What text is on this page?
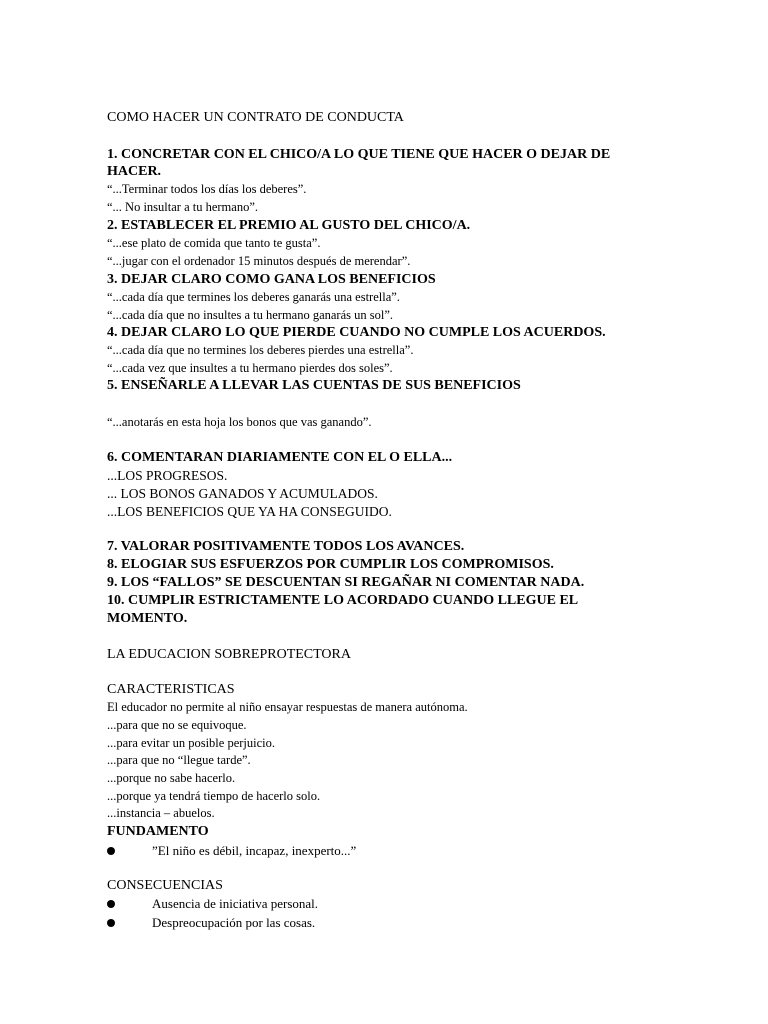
COMO HACER UN CONTRATO DE CONDUCTA
1. CONCRETAR CON EL CHICO/A LO QUE TIENE QUE HACER O DEJAR DE
HACER.
“...Terminar todos los días los deberes”.
“... No insultar a tu hermano”.
2. ESTABLECER EL PREMIO AL GUSTO DEL CHICO/A.
“...ese plato de comida que tanto te gusta”.
“...jugar con el ordenador 15 minutos después de merendar”.
3. DEJAR CLARO COMO GANA LOS BENEFICIOS
“...cada día que termines los deberes ganarás una estrella”.
“...cada día que no insultes a tu hermano ganarás un sol”.
4. DEJAR CLARO LO QUE PIERDE CUANDO NO CUMPLE LOS ACUERDOS.
“...cada día que no termines los deberes pierdes una estrella”.
“...cada vez que insultes a tu hermano pierdes dos soles”.
5. ENSEÑARLE A LLEVAR LAS CUENTAS DE SUS BENEFICIOS
“...anotarás en esta hoja los bonos que vas ganando”.
6. COMENTARAN DIARIAMENTE CON EL O ELLA...
...LOS PROGRESOS.
... LOS BONOS GANADOS Y ACUMULADOS.
...LOS BENEFICIOS QUE YA HA CONSEGUIDO.
7. VALORAR POSITIVAMENTE TODOS LOS AVANCES.
8. ELOGIAR SUS ESFUERZOS POR CUMPLIR LOS COMPROMISOS.
9. LOS “FALLOS” SE DESCUENTAN SI REGAÑAR NI COMENTAR NADA.
10. CUMPLIR ESTRICTAMENTE LO ACORDADO CUANDO LLEGUE EL
MOMENTO.
LA EDUCACION SOBREPROTECTORA
CARACTERISTICAS
El educador no permite al niño ensayar respuestas de manera autónoma.
...para que no se equivoque.
...para evitar un posible perjuicio.
...para que no “llegue tarde”.
...porque no sabe hacerlo.
...porque ya tendrá tiempo de hacerlo solo.
...instancia – abuelos.
FUNDAMENTO
”El niño es débil, incapaz, inexperto...”
CONSECUENCIAS
Ausencia de iniciativa personal.
Despreocupación por las cosas.
